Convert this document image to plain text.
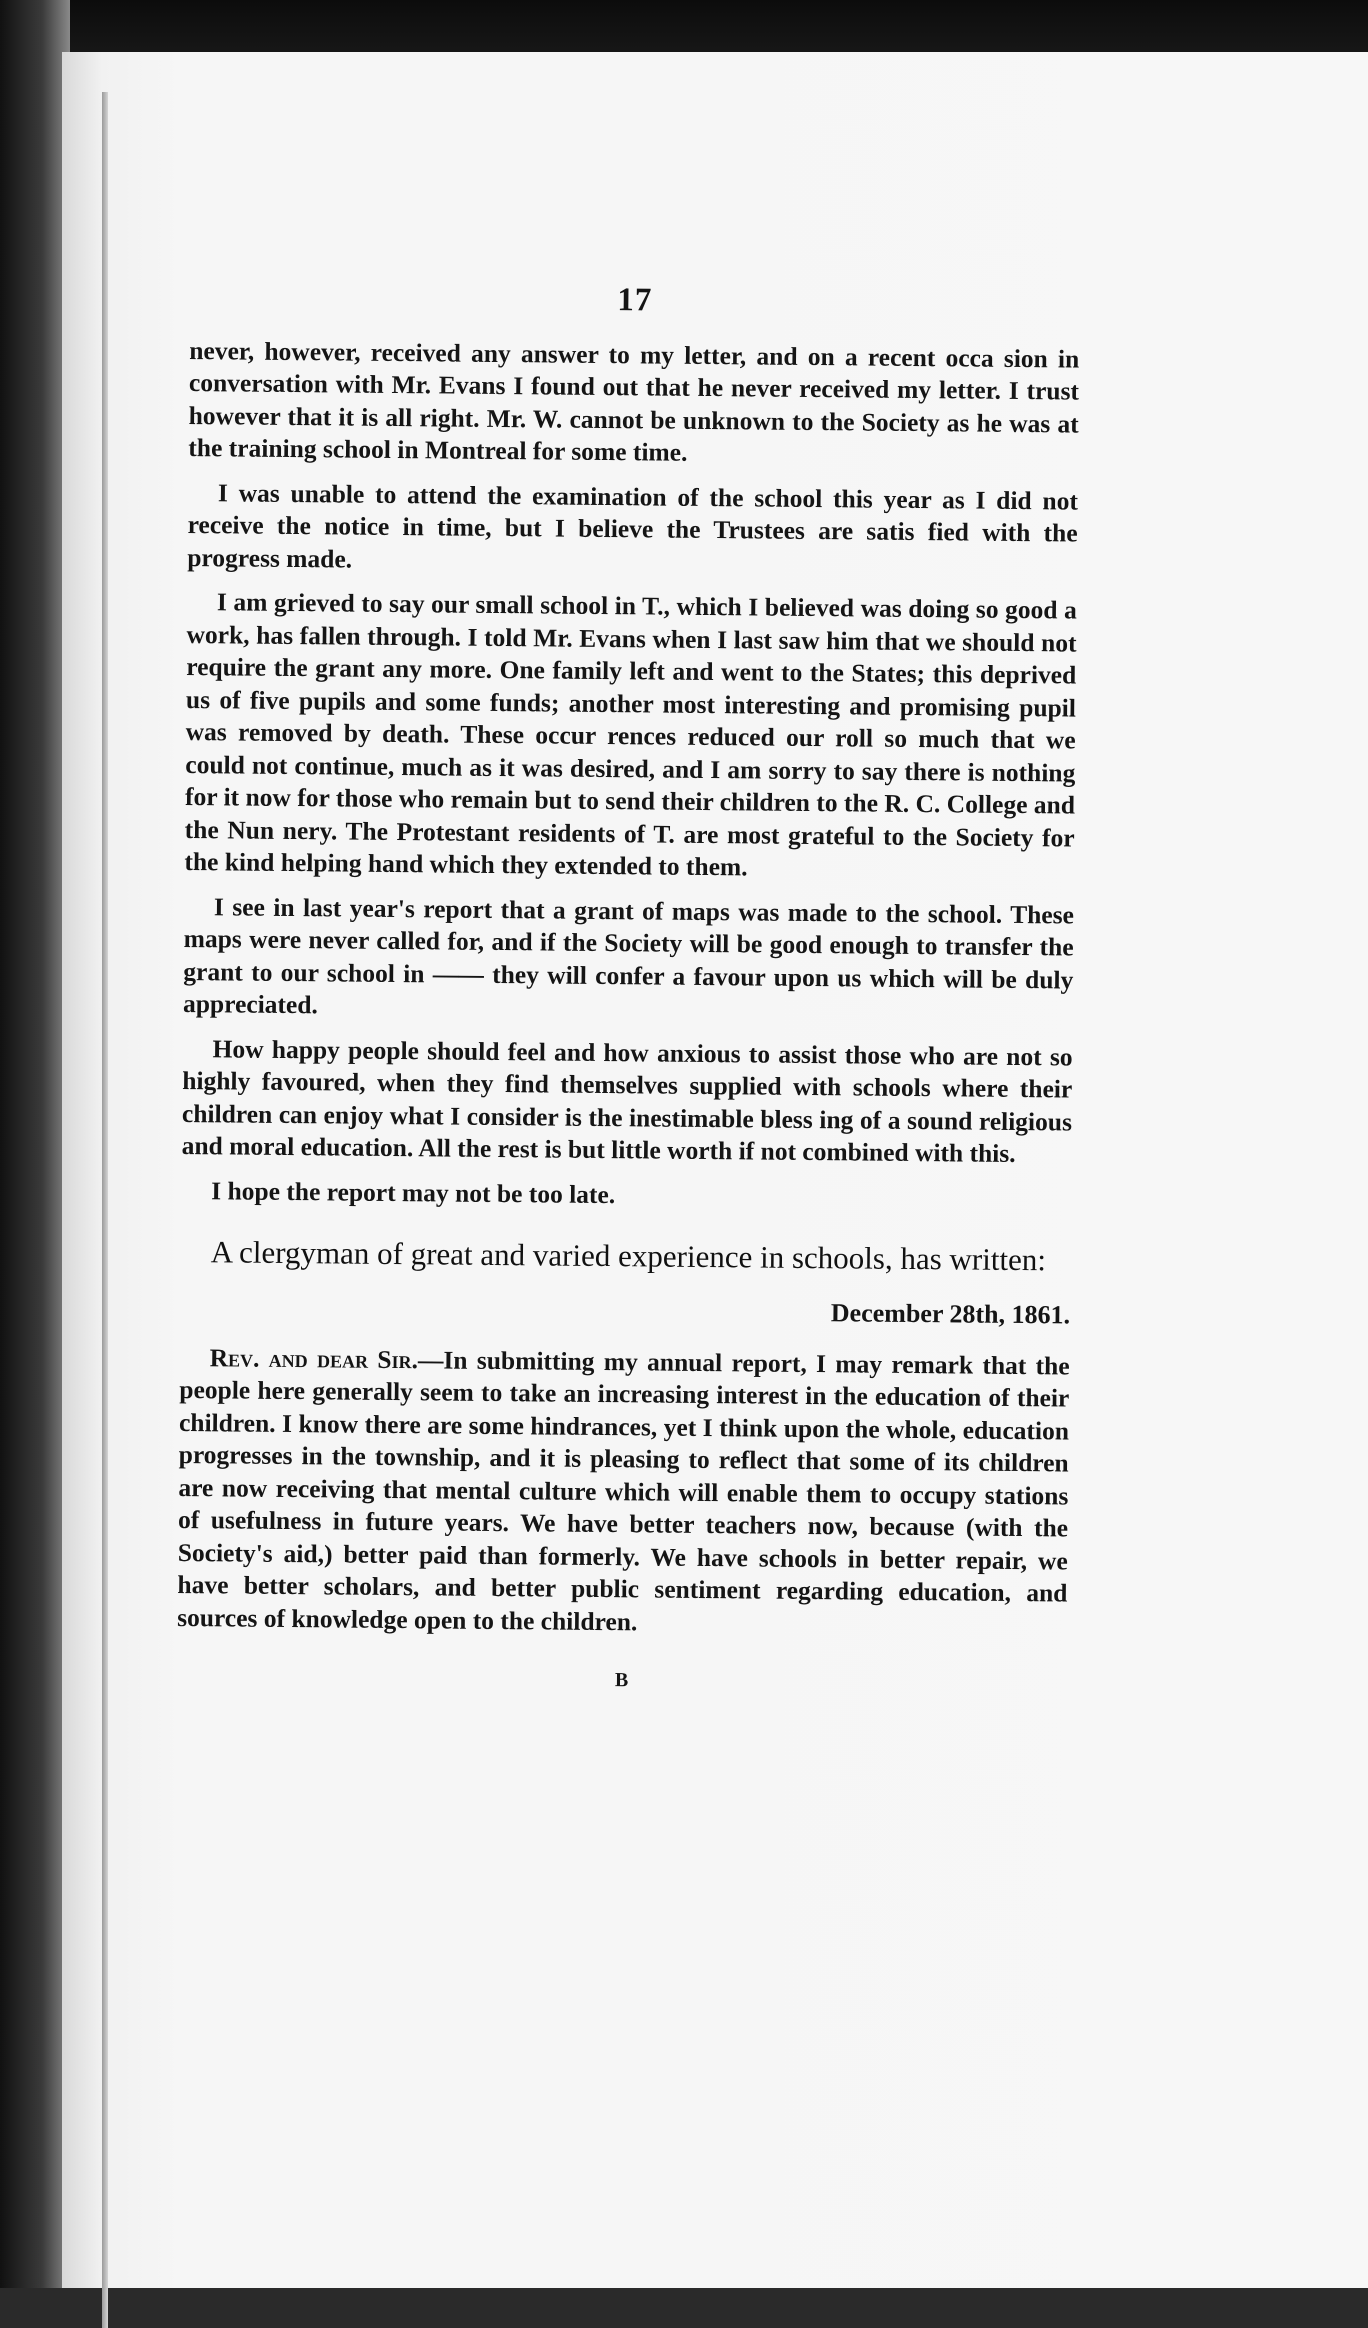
17

never, however, received any answer to my letter, and on a recent occa sion in conversation with Mr. Evans I found out that he never received my letter. I trust however that it is all right. Mr. W. cannot be unknown to the Society as he was at the training school in Montreal for some time.

I was unable to attend the examination of the school this year as I did not receive the notice in time, but I believe the Trustees are satis fied with the progress made.

I am grieved to say our small school in T., which I believed was doing so good a work, has fallen through. I told Mr. Evans when I last saw him that we should not require the grant any more. One family left and went to the States; this deprived us of five pupils and some funds; another most interesting and promising pupil was removed by death. These occur rences reduced our roll so much that we could not continue, much as it was desired, and I am sorry to say there is nothing for it now for those who remain but to send their children to the R. C. College and the Nun nery. The Protestant residents of T. are most grateful to the Society for the kind helping hand which they extended to them.

I see in last year's report that a grant of maps was made to the school. These maps were never called for, and if the Society will be good enough to transfer the grant to our school in —— they will confer a favour upon us which will be duly appreciated.

How happy people should feel and how anxious to assist those who are not so highly favoured, when they find themselves supplied with schools where their children can enjoy what I consider is the inestimable bless ing of a sound religious and moral education. All the rest is but little worth if not combined with this.

I hope the report may not be too late.

A clergyman of great and varied experience in schools, has written:

December 28th, 1861.

Rev. and dear Sir.—In submitting my annual report, I may remark that the people here generally seem to take an increasing interest in the education of their children. I know there are some hindrances, yet I think upon the whole, education progresses in the township, and it is pleasing to reflect that some of its children are now receiving that mental culture which will enable them to occupy stations of usefulness in future years. We have better teachers now, because (with the Society's aid,) better paid than formerly. We have schools in better repair, we have better scholars, and better public sentiment regarding education, and sources of knowledge open to the children.

B
